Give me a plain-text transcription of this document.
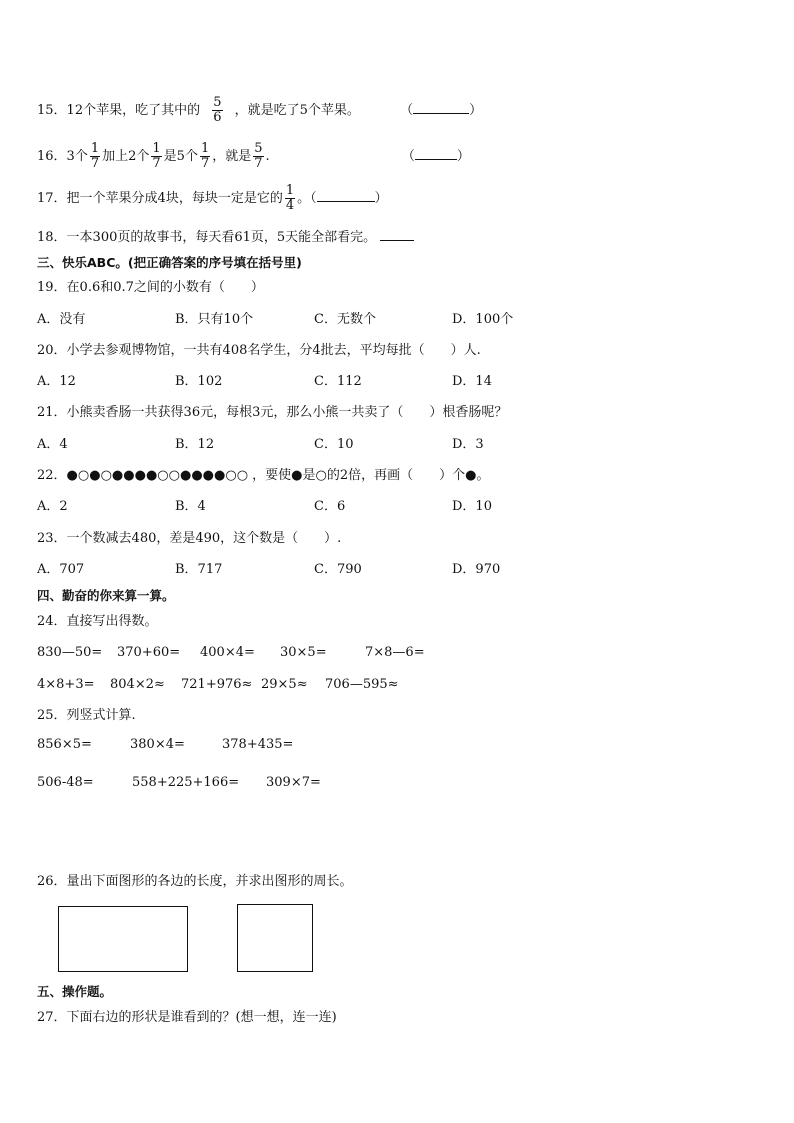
15．12个苹果，吃了其中的 $\frac{5}{6}$ ，就是吃了5个苹果。	（	）
16．3个 $\frac{1}{7}$ 加上2个 $\frac{1}{7}$ 是5个 $\frac{1}{7}$ ，就是 $\frac{5}{7}$ .	（	）
17．把一个苹果分成4块，每块一定是它的 $\frac{1}{4}$ 。（	）
18．一本300页的故事书，每天看61页，5天能全部看完。
三、快乐ABC。(把正确答案的序号填在括号里)
19．在0.6和0.7之间的小数有（　　）
A．没有	B．只有10个	C．无数个	D．100个
20．小学去参观博物馆，一共有408名学生，分4批去，平均每批（　　）人.
A．12	B．102	C．112	D．14
21．小熊卖香肠一共获得36元，每根3元，那么小熊一共卖了（　　）根香肠呢？
A．4	B．12	C．10	D．3
22．●○●○●●●●○○●●●●○○ ，要使●是○的2倍，再画（　　）个●。
A．2	B．4	C．6	D．10
23．一个数减去480，差是490，这个数是（　　）.
A．707	B．717	C．790	D．970
四、勤奋的你来算一算。
24．直接写出得数。
830—50= 370+60= 400×4= 30×5=	7×8—6=
4×8+3= 804×2≈ 721+976≈ 29×5≈ 706—595≈
25．列竖式计算.
856×5=	380×4=	378+435=
506-48=	558+225+166= 309×7=
26．量出下面图形的各边的长度，并求出图形的周长。
五、操作题。
27．下面右边的形状是谁看到的？(想一想，连一连)
